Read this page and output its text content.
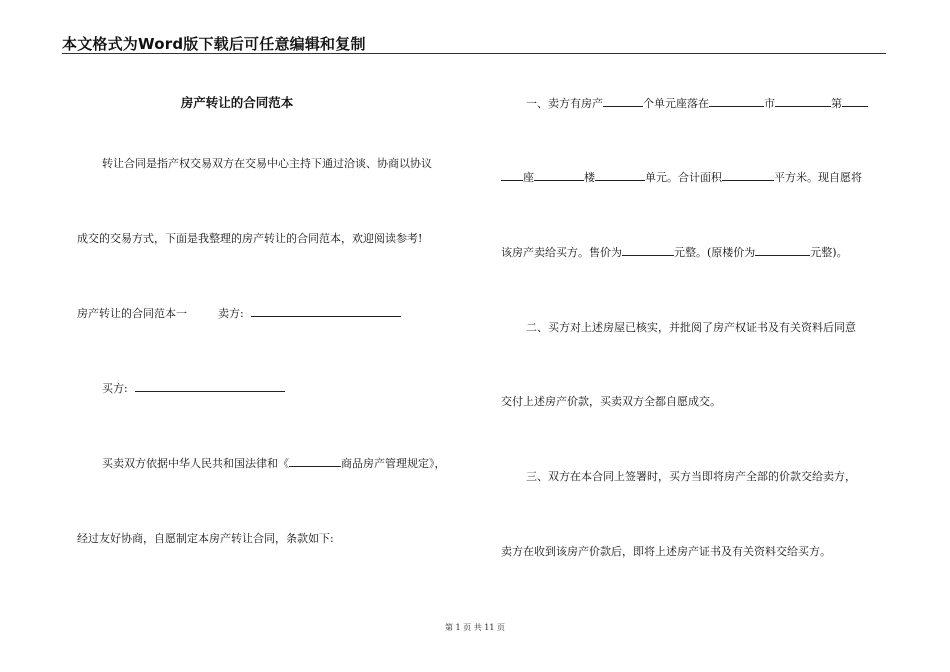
本文格式为Word版下载后可任意编辑和复制
房产转让的合同范本
转让合同是指产权交易双方在交易中心主持下通过洽谈、协商以协议
成交的交易方式，下面是我整理的房产转让的合同范本，欢迎阅读参考!
房产转让的合同范本一	卖方:
买方:
买卖双方依据中华人民共和国法律和《	商品房产管理规定》，
经过友好协商，自愿制定本房产转让合同，条款如下:
一、卖方有房产	个单元座落在	市	第
座	楼	单元。合计面积	平方米。现自愿将
该房产卖给买方。售价为	元整。(原楼价为	元整)。
二、买方对上述房屋已核实，并批阅了房产权证书及有关资料后同意
交付上述房产价款，买卖双方全都自愿成交。
三、双方在本合同上签署时，买方当即将房产全部的价款交给卖方，
卖方在收到该房产价款后，即将上述房产证书及有关资料交给买方。
第 1 页 共 11 页
